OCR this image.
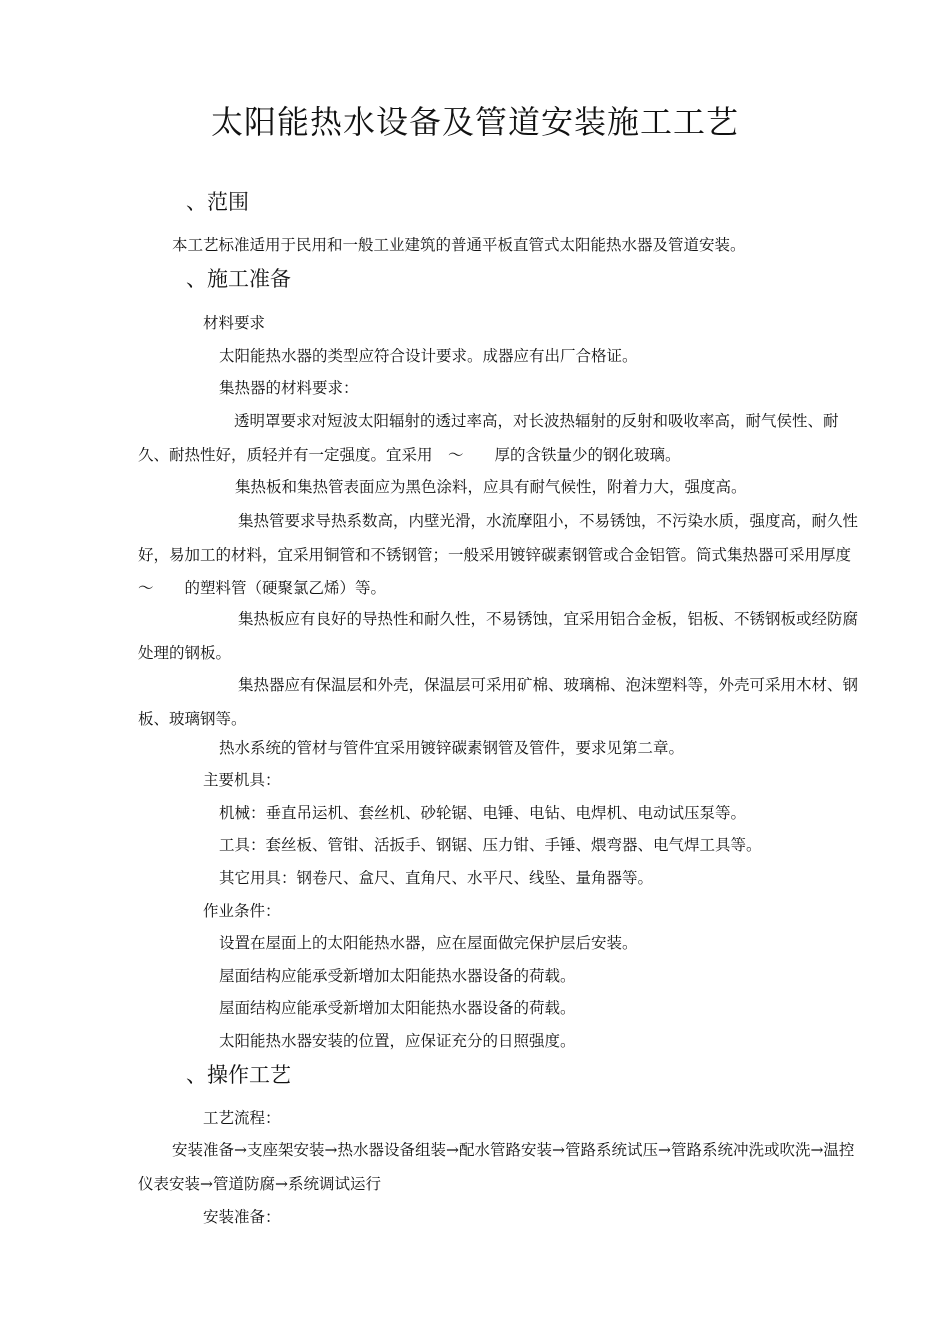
太阳能热水设备及管道安装施工工艺
、范围
本工艺标准适用于民用和一般工业建筑的普通平板直管式太阳能热水器及管道安装。
、施工准备
材料要求
太阳能热水器的类型应符合设计要求。成器应有出厂合格证。
集热器的材料要求：
透明罩要求对短波太阳辐射的透过率高，对长波热辐射的反射和吸收率高，耐气侯性、耐久、耐热性好，质轻并有一定强度。宜采用　～　　厚的含铁量少的钢化玻璃。
集热板和集热管表面应为黑色涂料，应具有耐气候性，附着力大，强度高。
集热管要求导热系数高，内壁光滑，水流摩阻小，不易锈蚀，不污染水质，强度高，耐久性好，易加工的材料，宜采用铜管和不锈钢管；一般采用镀锌碳素钢管或合金铝管。筒式集热器可采用厚度　～　　的塑料管（硬聚氯乙烯）等。
集热板应有良好的导热性和耐久性，不易锈蚀，宜采用铝合金板，铝板、不锈钢板或经防腐处理的钢板。
集热器应有保温层和外壳，保温层可采用矿棉、玻璃棉、泡沫塑料等，外壳可采用木材、钢板、玻璃钢等。
热水系统的管材与管件宜采用镀锌碳素钢管及管件，要求见第二章。
主要机具：
机械：垂直吊运机、套丝机、砂轮锯、电锤、电钻、电焊机、电动试压泵等。
工具：套丝板、管钳、活扳手、钢锯、压力钳、手锤、煨弯器、电气焊工具等。
其它用具：钢卷尺、盒尺、直角尺、水平尺、线坠、量角器等。
作业条件：
设置在屋面上的太阳能热水器，应在屋面做完保护层后安装。
屋面结构应能承受新增加太阳能热水器设备的荷载。
屋面结构应能承受新增加太阳能热水器设备的荷载。
太阳能热水器安装的位置，应保证充分的日照强度。
、操作工艺
工艺流程：
安装准备→支座架安装→热水器设备组装→配水管路安装→管路系统试压→管路系统冲洗或吹洗→温控仪表安装→管道防腐→系统调试运行
安装准备：
